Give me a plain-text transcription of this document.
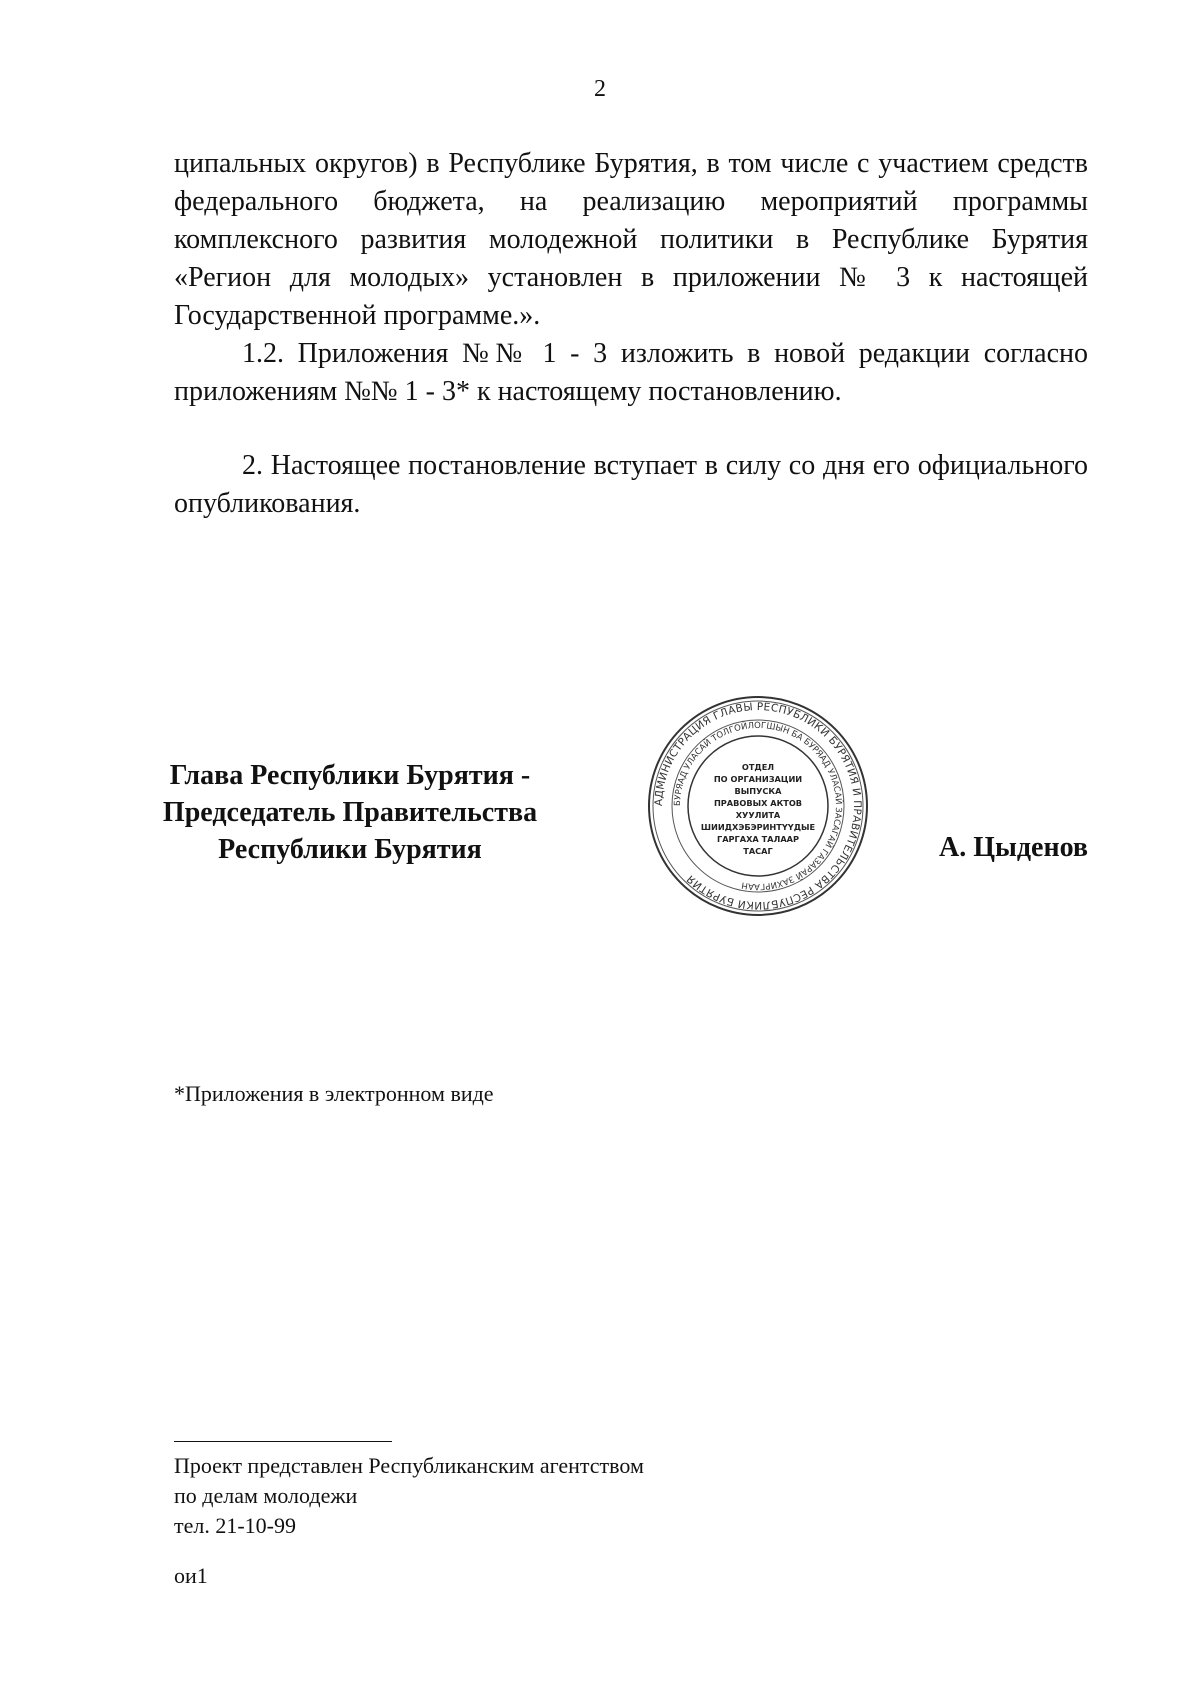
2

ципальных округов) в Республике Бурятия, в том числе с участием средств федерального бюджета, на реализацию мероприятий программы комплексного развития молодежной политики в Республике Бурятия «Регион для молодых» установлен в приложении № 3 к настоящей Государственной программе.».

1.2. Приложения №№ 1 - 3 изложить в новой редакции согласно приложениям №№ 1 - 3* к настоящему постановлению.

2. Настоящее постановление вступает в силу со дня его официального опубликования.

Глава Республики Бурятия -
Председатель Правительства
Республики Бурятия
АДМИНИСТРАЦИЯ ГЛАВЫ РЕСПУБЛИКИ БУРЯТИЯ И ПРАВИТЕЛЬСТВА РЕСПУБЛИКИ БУРЯТИЯ
БУРЯАД УЛАСАЙ ТОЛГОЙЛОГШЫН БА БУРЯАД УЛАСАЙ ЗАСАГАЙ ГАЗАРАЙ ЗАХИРГААН
ОТДЕЛ
ПО ОРГАНИЗАЦИИ
ВЫПУСКА
ПРАВОВЫХ АКТОВ
ХУУЛИТА
ШИИДХЭБЭРИНТҮҮДЫЕ
ГАРГАХА ТАЛААР
ТАСАГ	А. Цыденов
*Приложения в электронном виде
Проект представлен Республиканским агентством
по делам молодежи
тел. 21-10-99
ои1
